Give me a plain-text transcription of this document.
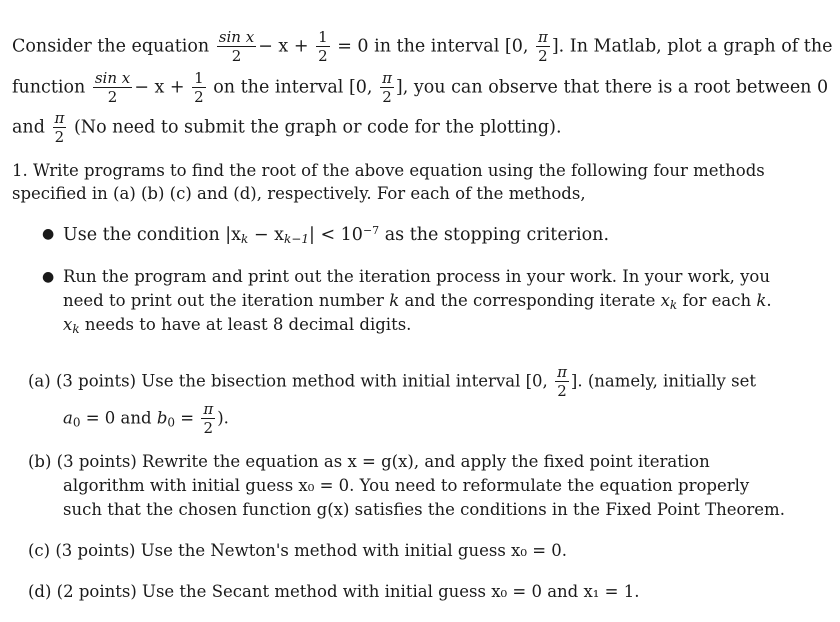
Consider the equation $\frac{\text{sin x}}{2} - x + \frac{1}{2} = 0$ in the interval [0, $\frac{\pi}{2}$ ]. In Matlab, plot a graph of the
function $\frac{\text{sin x}}{2} - x + \frac{1}{2}$ on the interval [0, $\frac{\pi}{2}$ ], you can observe that there is a root between 0
and $\frac{\pi}{2} (No$ need to submit the graph or code for the plotting).
1. Write programs to find the root of the above equation using the following four methods
specified in (a) (b) (c) and (d), respectively. For each of the methods,
● Use the condition $|x_k - x_{k-1}| < 10^{-7}$ as the stopping criterion.
● Run the program and print out the iteration process in your work. In your work, you
need to print out the iteration number k and the corresponding iterate $x_k$ for each k.
$x_k$ needs to have at least 8 decimal digits.
(a) (3 points) Use the bisection method with initial interval [0, $\frac{\pi}{2}$ ]. (namely, initially set
$a_0 = 0$ and $b_0 = \frac{\pi}{2}$ ).
(b) (3 points) Rewrite the equation as x = g(x), and apply the fixed point iteration
algorithm with initial guess x₀ = 0. You need to reformulate the equation properly
such that the chosen function g(x) satisfies the conditions in the Fixed Point Theorem.
(c) (3 points) Use the Newton's method with initial guess x₀ = 0.
(d) (2 points) Use the Secant method with initial guess x₀ = 0 and x₁ = 1.
